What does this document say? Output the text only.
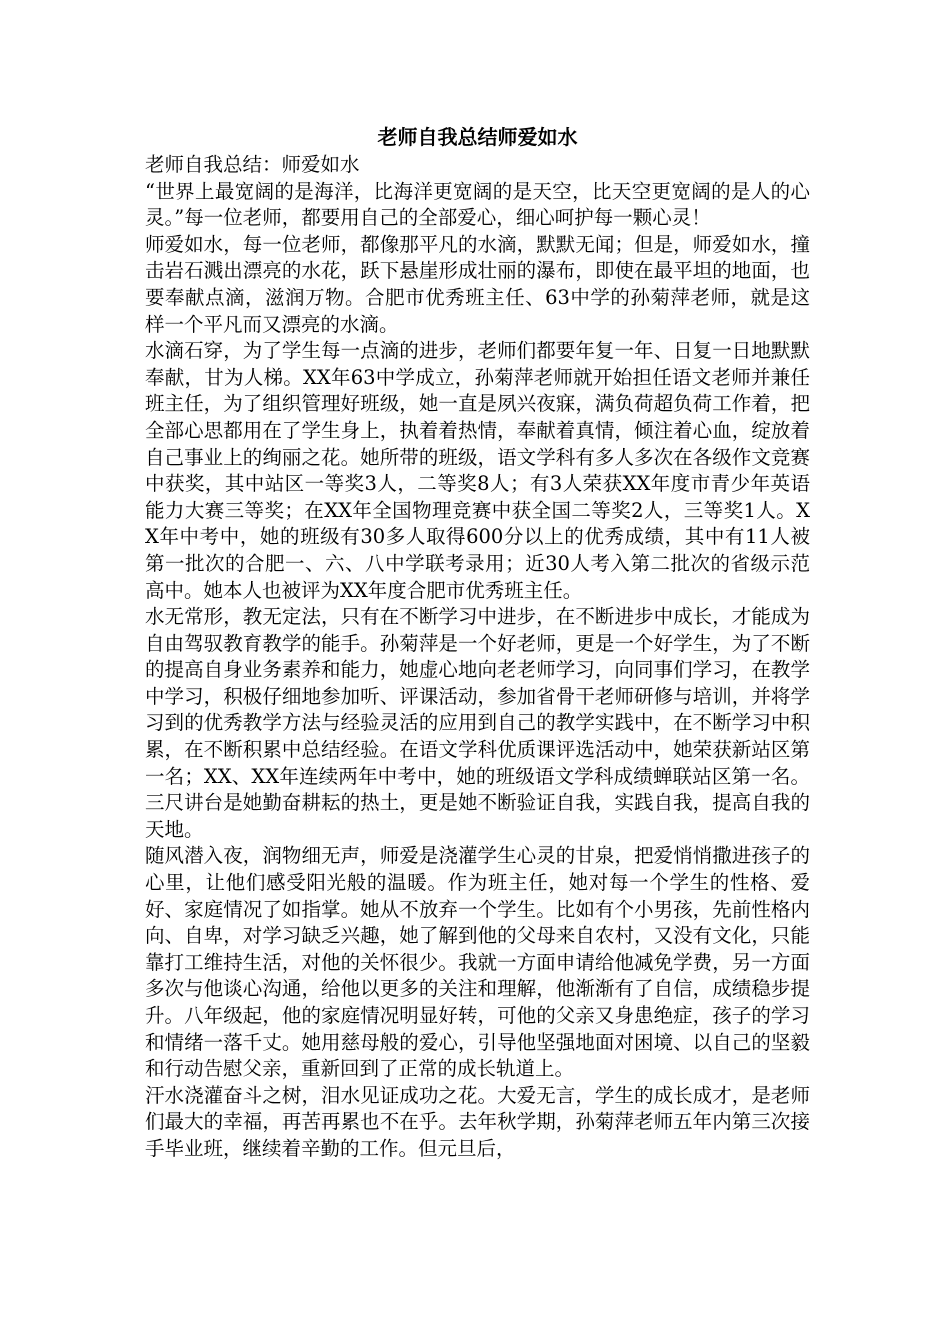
老师自我总结师爱如水

老师自我总结：师爱如水

“世界上最宽阔的是海洋，比海洋更宽阔的是天空，比天空更宽阔的是人的心灵。”每一位老师，都要用自己的全部爱心，细心呵护每一颗心灵！

师爱如水，每一位老师，都像那平凡的水滴，默默无闻；但是，师爱如水，撞击岩石溅出漂亮的水花，跃下悬崖形成壮丽的瀑布，即使在最平坦的地面，也要奉献点滴，滋润万物。合肥市优秀班主任、63中学的孙菊萍老师，就是这样一个平凡而又漂亮的水滴。

水滴石穿，为了学生每一点滴的进步，老师们都要年复一年、日复一日地默默奉献，甘为人梯。XX年63中学成立，孙菊萍老师就开始担任语文老师并兼任班主任，为了组织管理好班级，她一直是夙兴夜寐，满负荷超负荷工作着，把全部心思都用在了学生身上，执着着热情，奉献着真情，倾注着心血，绽放着自己事业上的绚丽之花。她所带的班级，语文学科有多人多次在各级作文竞赛中获奖，其中站区一等奖3人，二等奖8人；有3人荣获XX年度市青少年英语能力大赛三等奖；在XX年全国物理竞赛中获全国二等奖2人，三等奖1人。XX年中考中，她的班级有30多人取得600分以上的优秀成绩，其中有11人被第一批次的合肥一、六、八中学联考录用；近30人考入第二批次的省级示范高中。她本人也被评为XX年度合肥市优秀班主任。

水无常形，教无定法，只有在不断学习中进步，在不断进步中成长，才能成为自由驾驭教育教学的能手。孙菊萍是一个好老师，更是一个好学生，为了不断的提高自身业务素养和能力，她虚心地向老老师学习，向同事们学习，在教学中学习，积极仔细地参加听、评课活动，参加省骨干老师研修与培训，并将学习到的优秀教学方法与经验灵活的应用到自己的教学实践中，在不断学习中积累，在不断积累中总结经验。在语文学科优质课评选活动中，她荣获新站区第一名；XX、XX年连续两年中考中，她的班级语文学科成绩蝉联站区第一名。三尺讲台是她勤奋耕耘的热土，更是她不断验证自我，实践自我，提高自我的天地。

随风潜入夜，润物细无声，师爱是浇灌学生心灵的甘泉，把爱悄悄撒进孩子的心里，让他们感受阳光般的温暖。作为班主任，她对每一个学生的性格、爱好、家庭情况了如指掌。她从不放弃一个学生。比如有个小男孩，先前性格内向、自卑，对学习缺乏兴趣，她了解到他的父母来自农村，又没有文化，只能靠打工维持生活，对他的关怀很少。我就一方面申请给他减免学费，另一方面多次与他谈心沟通，给他以更多的关注和理解，他渐渐有了自信，成绩稳步提升。八年级起，他的家庭情况明显好转，可他的父亲又身患绝症，孩子的学习和情绪一落千丈。她用慈母般的爱心，引导他坚强地面对困境、以自己的坚毅和行动告慰父亲，重新回到了正常的成长轨道上。

汗水浇灌奋斗之树，泪水见证成功之花。大爱无言，学生的成长成才，是老师们最大的幸福，再苦再累也不在乎。去年秋学期，孙菊萍老师五年内第三次接手毕业班，继续着辛勤的工作。但元旦后，
